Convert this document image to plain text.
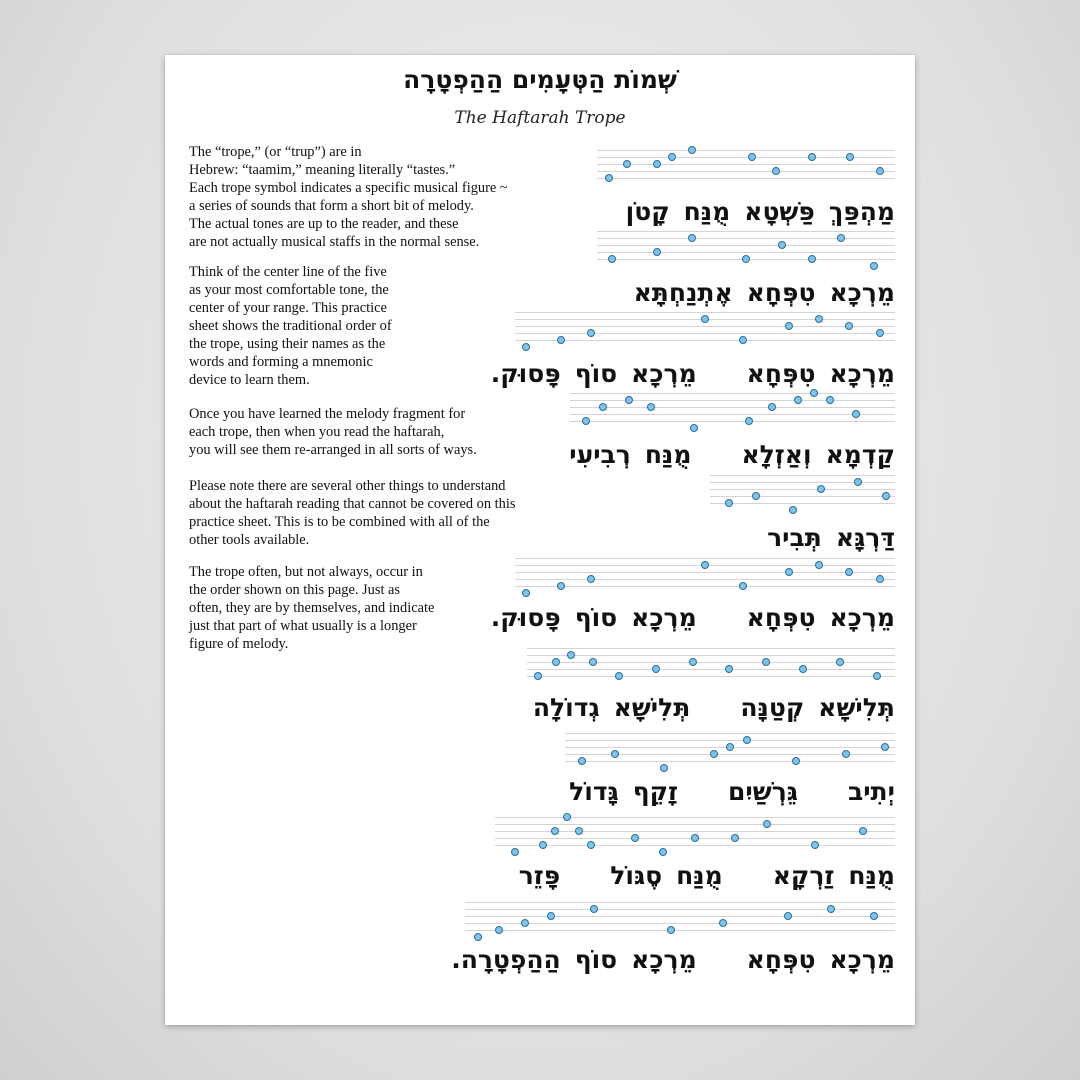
שְׁמוֹת הַטְּעָמִים הַהַפְטָרָה
The Haftarah Trope
The “trope,” (or “trup”) are in
Hebrew: “taamim,” meaning literally “tastes.”
Each trope symbol indicates a specific musical figure ~
a series of sounds that form a short bit of melody.
The actual tones are up to the reader, and these
are not actually musical staffs in the normal sense.
Think of the center line of the five
as your most comfortable tone, the
center of your range. This practice
sheet shows the traditional order of
the trope, using their names as the
words and forming a mnemonic
device to learn them.
Once you have learned the melody fragment for
each trope, then when you read the haftarah,
you will see them re-arranged in all sorts of ways.
Please note there are several other things to understand
about the haftarah reading that cannot be covered on this
practice sheet. This is to be combined with all of the
other tools available.
The trope often, but not always, occur in
the order shown on this page. Just as
often, they are by themselves, and indicate
just that part of what usually is a longer
figure of melody.
מַהְפַּךְפַּשְׁטָאמֻנַּחקָטֹן
מֵרְכָאטִפְּחָאאֶתְנַחְתָּא
מֵרְכָאטִפְּחָאמֵרְכָאסוֹףפָּסוּק.
קַדְמָאוְאַזְלָאמֻנַּחרְבִיעִי
דַּרְגָּאתְּבִיר
מֵרְכָאטִפְּחָאמֵרְכָאסוֹףפָּסוּק.
תְּלִישָׁאקְטַנָּהתְּלִישָׁאגְדוֹלָה
יְתִיבגֵּרְשַׁיִםזָקֵףגָּדוֹל
מֻנַּחזַרְקָאמֻנַּחסֶגּוֹלפָּזֵר
מֵרְכָאטִפְּחָאמֵרְכָאסוֹףהַהַפְטָרָה.
